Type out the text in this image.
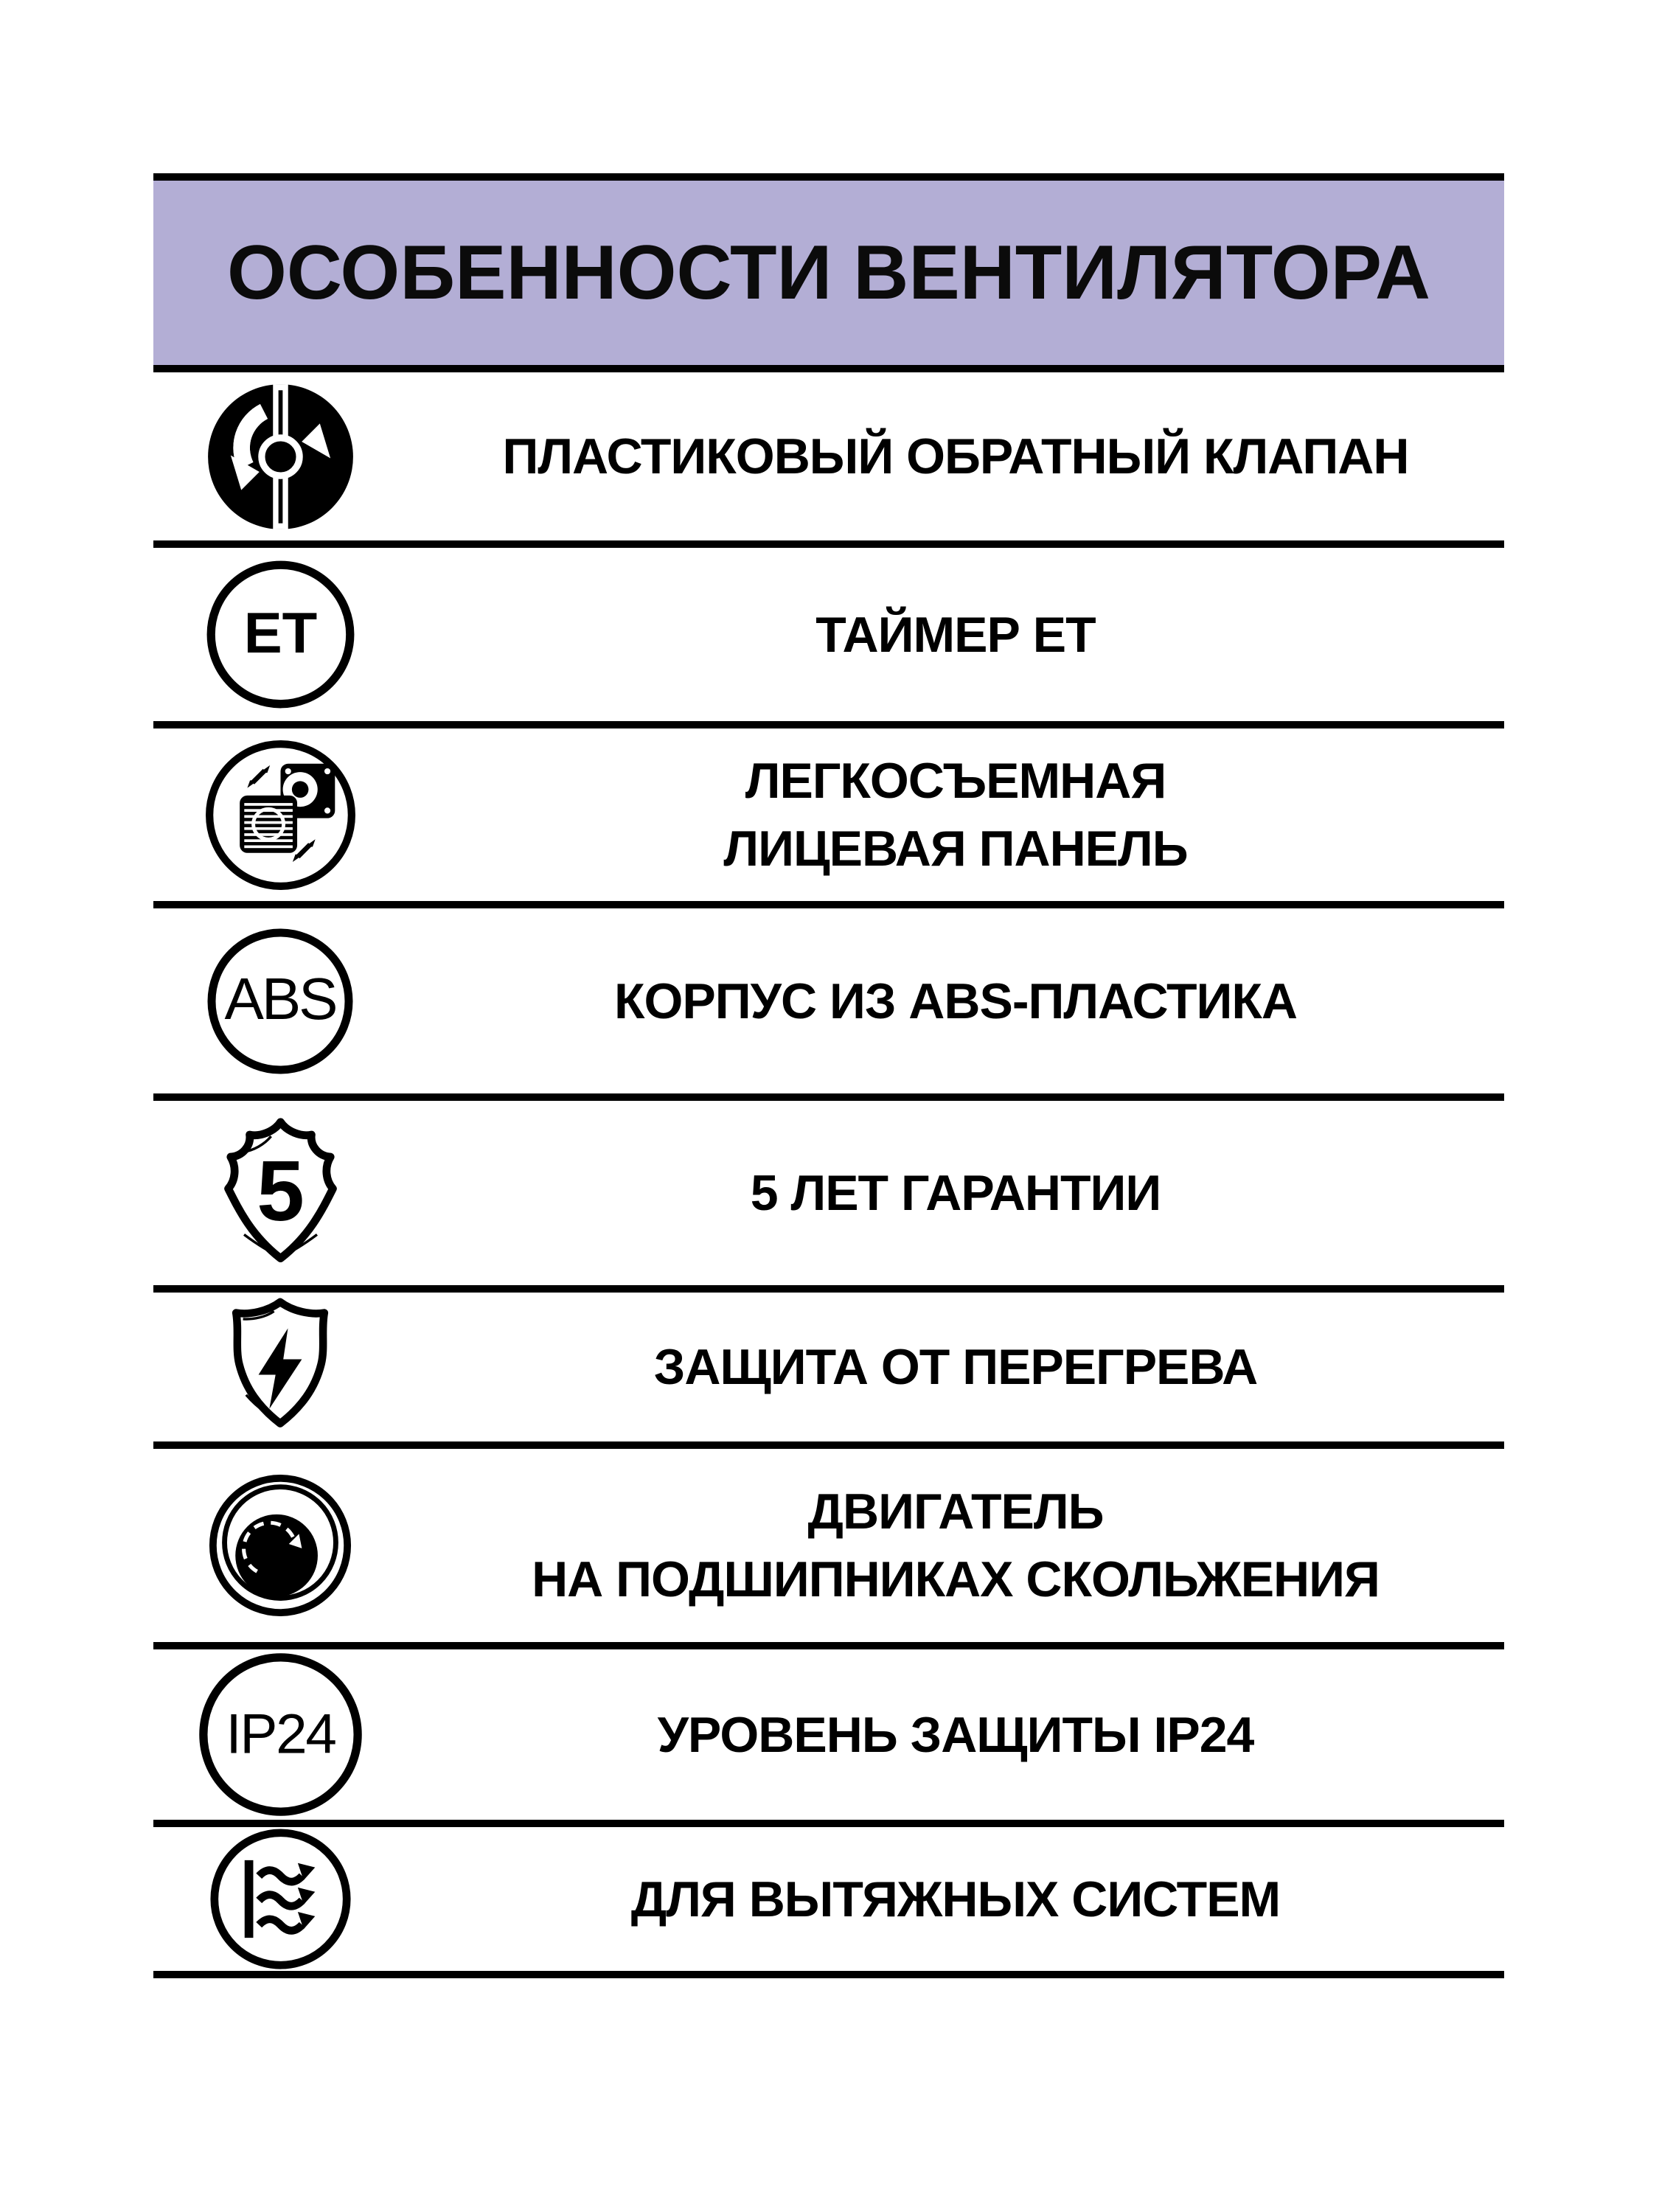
ОСОБЕННОСТИ ВЕНТИЛЯТОРА
ПЛАСТИКОВЫЙ ОБРАТНЫЙ КЛАПАН
ET	ТАЙМЕР ET
ЛЕГКОСЪЕМНАЯ
ЛИЦЕВАЯ ПАНЕЛЬ
ABS	КОРПУС ИЗ ABS-ПЛАСТИКА
5	5 ЛЕТ ГАРАНТИИ
ЗАЩИТА ОТ ПЕРЕГРЕВА
ДВИГАТЕЛЬ
НА ПОДШИПНИКАХ СКОЛЬЖЕНИЯ
IP24	УРОВЕНЬ ЗАЩИТЫ IP24
ДЛЯ ВЫТЯЖНЫХ СИСТЕМ
